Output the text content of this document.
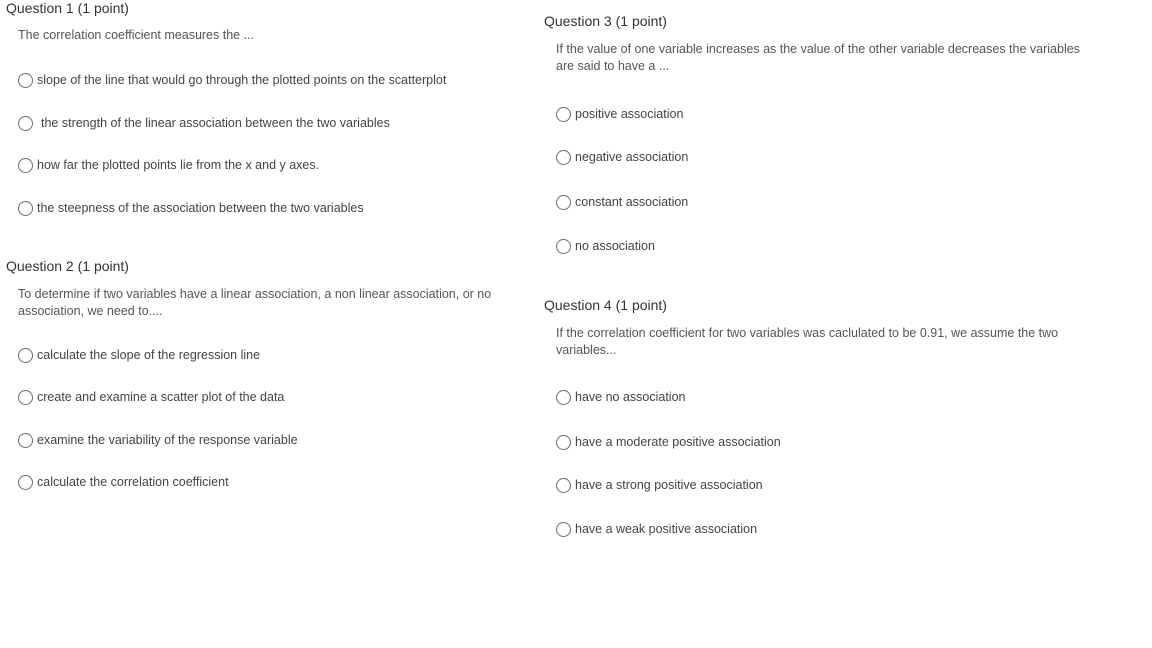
Question 1 (1 point)
The correlation coefficient measures the ...
slope of the line that would go through the plotted points on the scatterplot
the strength of the linear association between the two variables
how far the plotted points lie from the x and y axes.
the steepness of the association between the two variables
Question 2 (1 point)
To determine if two variables have a linear association, a non linear association, or no association, we need to....
calculate the slope of the regression line
create and examine a scatter plot of the data
examine the variability of the response variable
calculate the correlation coefficient
Question 3 (1 point)
If the value of one variable increases as the value of the other variable decreases the variables are said to have a ...
positive association
negative association
constant association
no association
Question 4 (1 point)
If the correlation coefficient for two variables was caclulated to be 0.91, we assume the two variables...
have no association
have a moderate positive association
have a strong positive association
have a weak positive association
